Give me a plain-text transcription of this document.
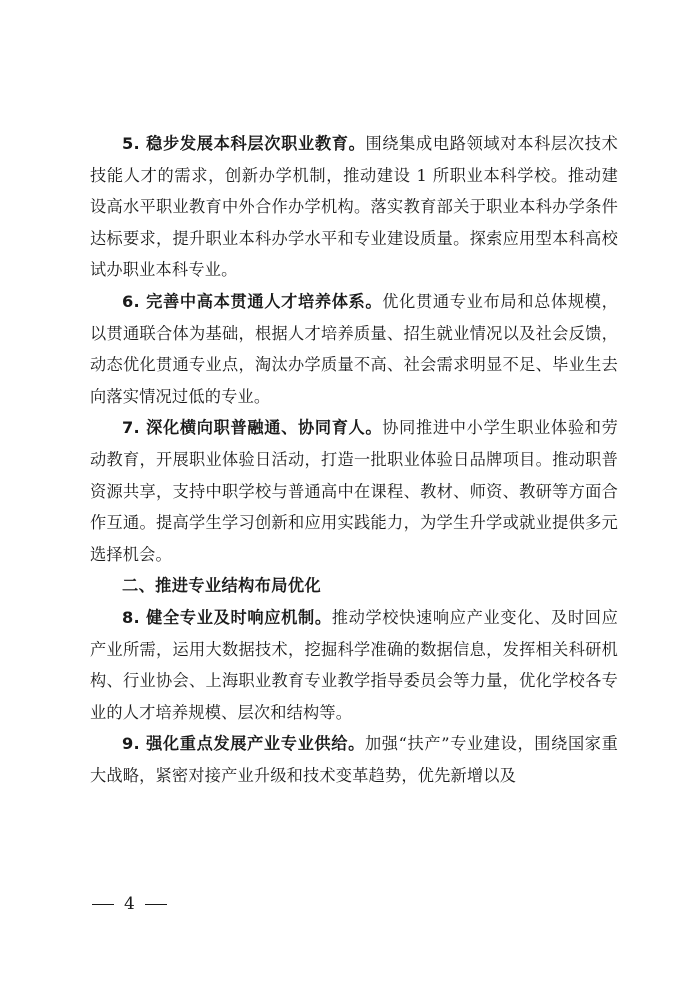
5. 稳步发展本科层次职业教育。围绕集成电路领域对本科层次技术技能人才的需求，创新办学机制，推动建设 1 所职业本科学校。推动建设高水平职业教育中外合作办学机构。落实教育部关于职业本科办学条件达标要求，提升职业本科办学水平和专业建设质量。探索应用型本科高校试办职业本科专业。

6. 完善中高本贯通人才培养体系。优化贯通专业布局和总体规模，以贯通联合体为基础，根据人才培养质量、招生就业情况以及社会反馈，动态优化贯通专业点，淘汰办学质量不高、社会需求明显不足、毕业生去向落实情况过低的专业。

7. 深化横向职普融通、协同育人。协同推进中小学生职业体验和劳动教育，开展职业体验日活动，打造一批职业体验日品牌项目。推动职普资源共享，支持中职学校与普通高中在课程、教材、师资、教研等方面合作互通。提高学生学习创新和应用实践能力，为学生升学或就业提供多元选择机会。

二、推进专业结构布局优化

8. 健全专业及时响应机制。推动学校快速响应产业变化、及时回应产业所需，运用大数据技术，挖掘科学准确的数据信息，发挥相关科研机构、行业协会、上海职业教育专业教学指导委员会等力量，优化学校各专业的人才培养规模、层次和结构等。

9. 强化重点发展产业专业供给。加强“扶产”专业建设，围绕国家重大战略，紧密对接产业升级和技术变革趋势，优先新增以及

4
